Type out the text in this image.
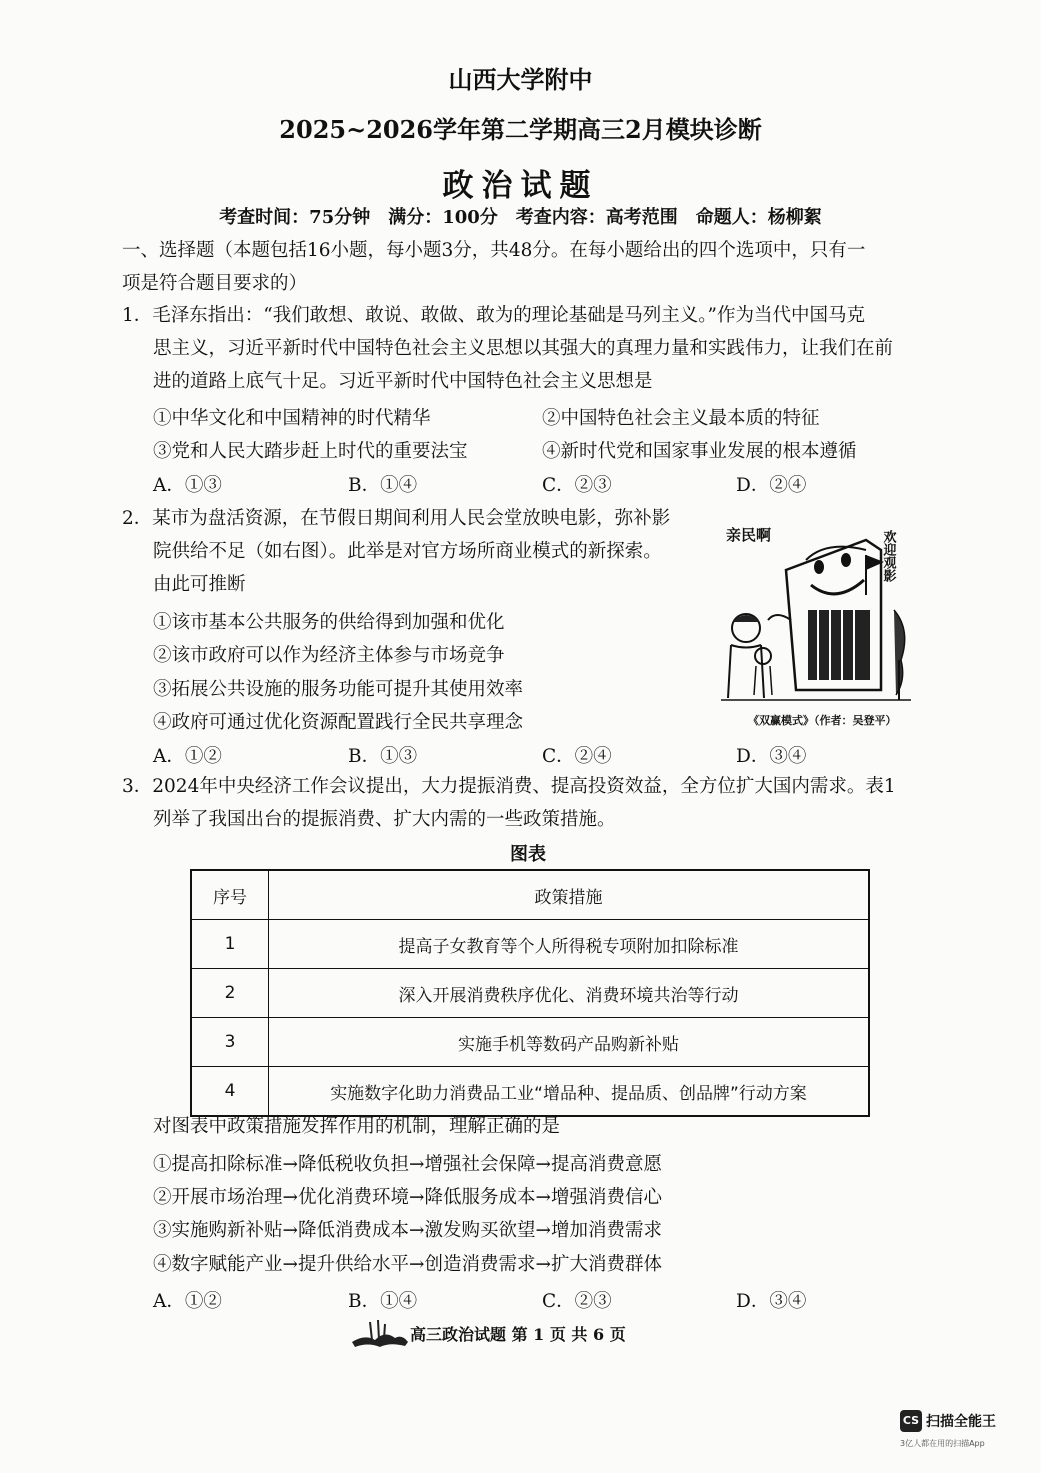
山西大学附中
2025~2026学年第二学期高三2月模块诊断
政治试题
考查时间：75分钟　满分：100分　考查内容：高考范围　命题人：杨柳絮
一、选择题（本题包括16小题，每小题3分，共48分。在每小题给出的四个选项中，只有一
项是符合题目要求的）
1．毛泽东指出：“我们敢想、敢说、敢做、敢为的理论基础是马列主义。”作为当代中国马克
思主义，习近平新时代中国特色社会主义思想以其强大的真理力量和实践伟力，让我们在前
进的道路上底气十足。习近平新时代中国特色社会主义思想是
①中华文化和中国精神的时代精华	②中国特色社会主义最本质的特征
③党和人民大踏步赶上时代的重要法宝	④新时代党和国家事业发展的根本遵循
A．①③	B．①④	C．②③	D．②④
2．某市为盘活资源，在节假日期间利用人民会堂放映电影，弥补影
院供给不足（如右图）。此举是对官方场所商业模式的新探索。
由此可推断
①该市基本公共服务的供给得到加强和优化
②该市政府可以作为经济主体参与市场竞争
③拓展公共设施的服务功能可提升其使用效率
④政府可通过优化资源配置践行全民共享理念
A．①②	B．①③	C．②④	D．③④
亲民啊	欢迎观影
《双赢模式》（作者：吴登平）
3．2024年中央经济工作会议提出，大力提振消费、提高投资效益，全方位扩大国内需求。表1
列举了我国出台的提振消费、扩大内需的一些政策措施。
图表
序号	政策措施
1	提高子女教育等个人所得税专项附加扣除标准
2	深入开展消费秩序优化、消费环境共治等行动
3	实施手机等数码产品购新补贴
4	实施数字化助力消费品工业“增品种、提品质、创品牌”行动方案
对图表中政策措施发挥作用的机制，理解正确的是
①提高扣除标准→降低税收负担→增强社会保障→提高消费意愿
②开展市场治理→优化消费环境→降低服务成本→增强消费信心
③实施购新补贴→降低消费成本→激发购买欲望→增加消费需求
④数字赋能产业→提升供给水平→创造消费需求→扩大消费群体
A．①②	B．①④	C．②③	D．③④
高三政治试题 第 1 页 共 6 页
CS 扫描全能王
3亿人都在用的扫描App
